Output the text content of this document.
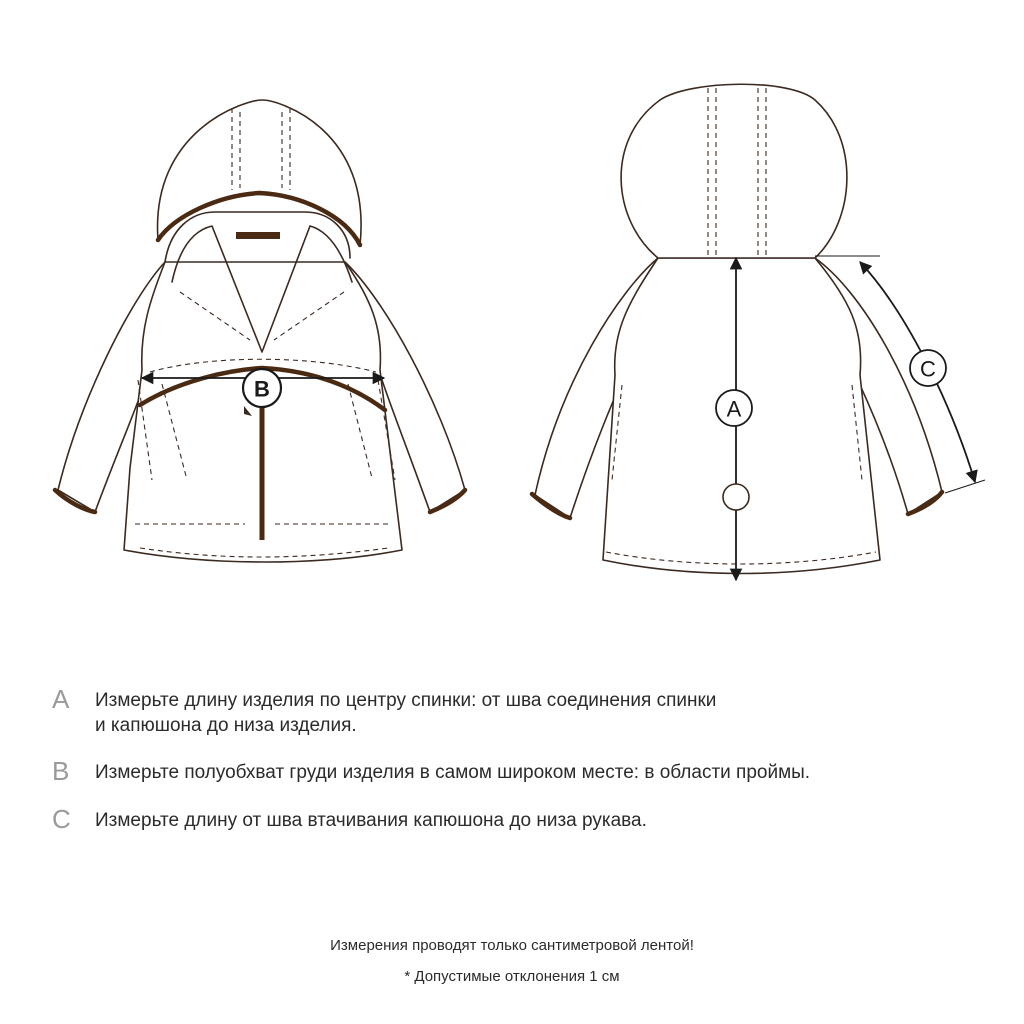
B
A
C
A Измерьте длину изделия по центру спинки: от шва соединения спинки
и капюшона до низа изделия.
B Измерьте полуобхват груди изделия в самом широком месте: в области проймы.
C Измерьте длину от шва втачивания капюшона до низа рукава.
Измерения проводят только сантиметровой лентой!
* Допустимые отклонения 1 см
